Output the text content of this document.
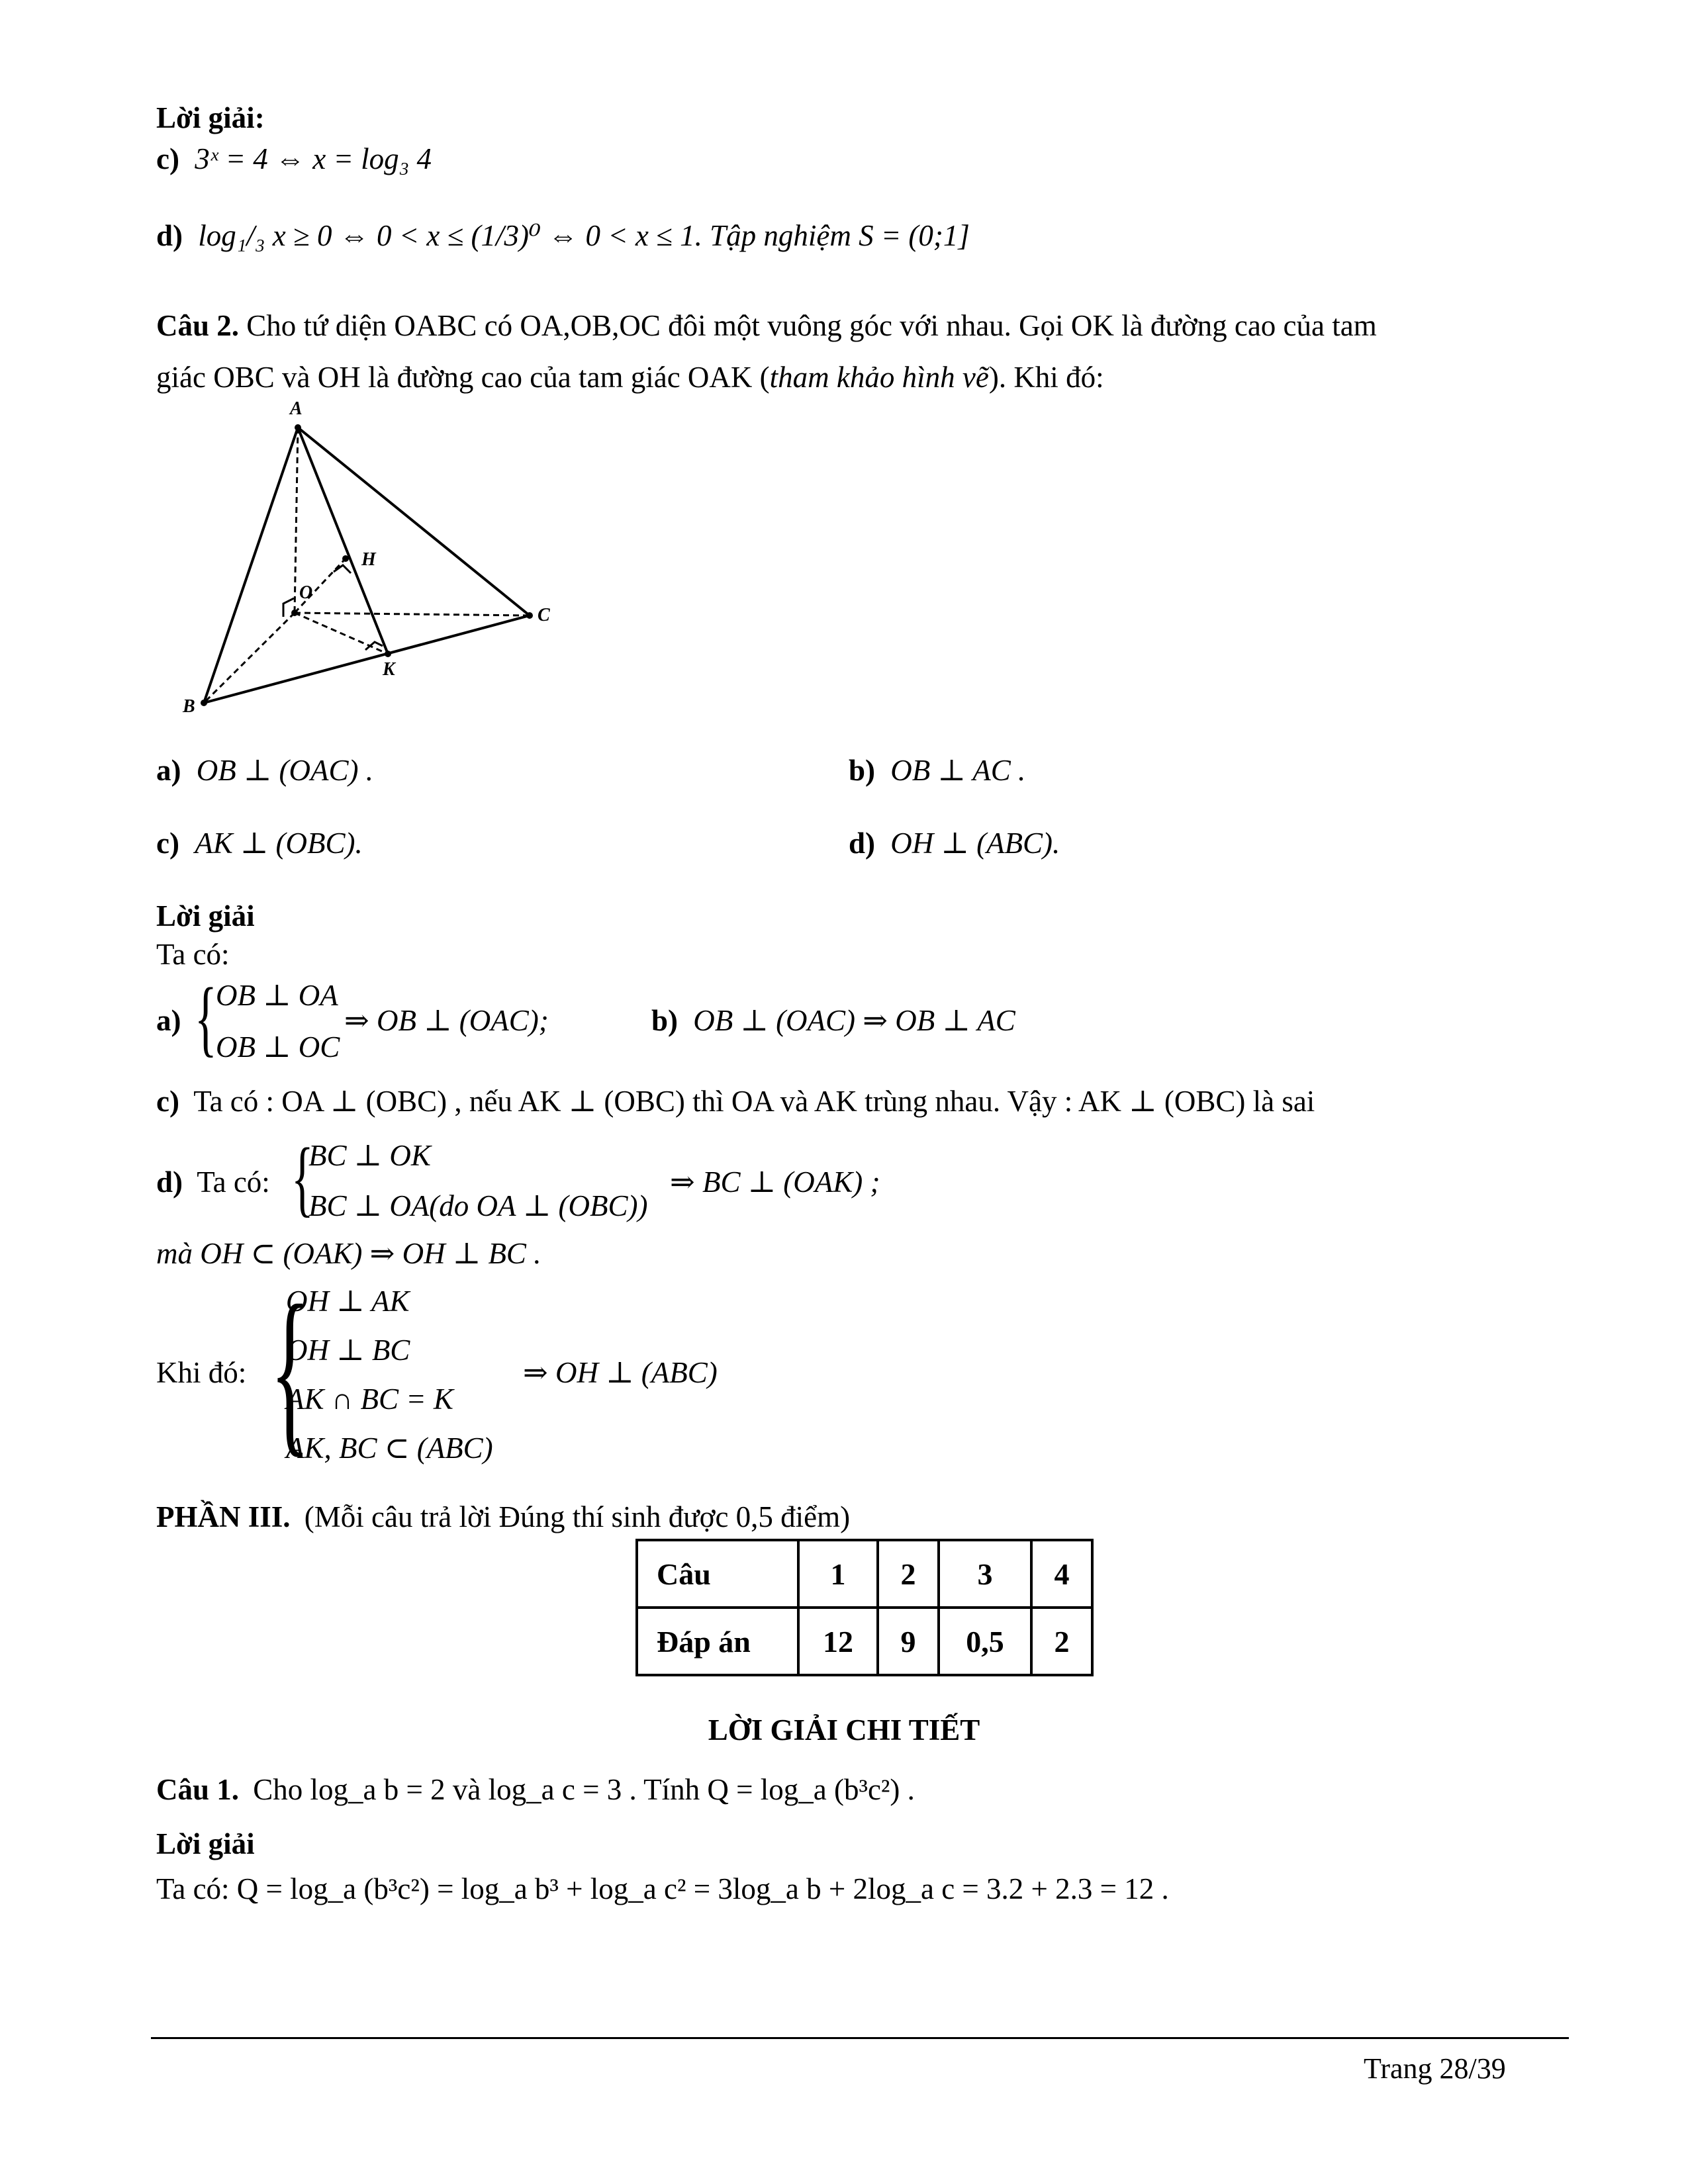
Lời giải:
c) 3ˣ = 4 ⇔ x = log₃ 4
d) log₁/₃ x ≥ 0 ⇔ 0 < x ≤ (1/3)⁰ ⇔ 0 < x ≤ 1. Tập nghiệm S = (0;1]
Câu 2. Cho tứ diện OABC có OA,OB,OC đôi một vuông góc với nhau. Gọi OK là đường cao của tam
giác OBC và OH là đường cao của tam giác OAK (tham khảo hình vẽ). Khi đó:
A
H
O
C
K
B
a) OB ⊥ (OAC) .	b) OB ⊥ AC .
c) AK ⊥ (OBC).	d) OH ⊥ (ABC).
Lời giải
Ta có:
a) {
OB ⊥ OA
OB ⊥ OC
⇒ OB ⊥ (OAC);	b) OB ⊥ (OAC) ⇒ OB ⊥ AC
c) Ta có : OA ⊥ (OBC) , nếu AK ⊥ (OBC) thì OA và AK trùng nhau. Vậy : AK ⊥ (OBC) là sai
d) Ta có: {
BC ⊥ OK
BC ⊥ OA(do OA ⊥ (OBC))
⇒ BC ⊥ (OAK) ;
mà OH ⊂ (OAK) ⇒ OH ⊥ BC .
Khi đó: {
OH ⊥ AK
OH ⊥ BC
AK ∩ BC = K
AK, BC ⊂ (ABC)
⇒ OH ⊥ (ABC)
PHẦN III. (Mỗi câu trả lời Đúng thí sinh được 0,5 điểm)
Câu	1	2	3	4
Đáp án	12	9	0,5	2
LỜI GIẢI CHI TIẾT
Câu 1. Cho log_a b = 2 và log_a c = 3 . Tính Q = log_a (b³c²) .
Lời giải
Ta có: Q = log_a (b³c²) = log_a b³ + log_a c² = 3log_a b + 2log_a c = 3.2 + 2.3 = 12 .
Trang 28/39
